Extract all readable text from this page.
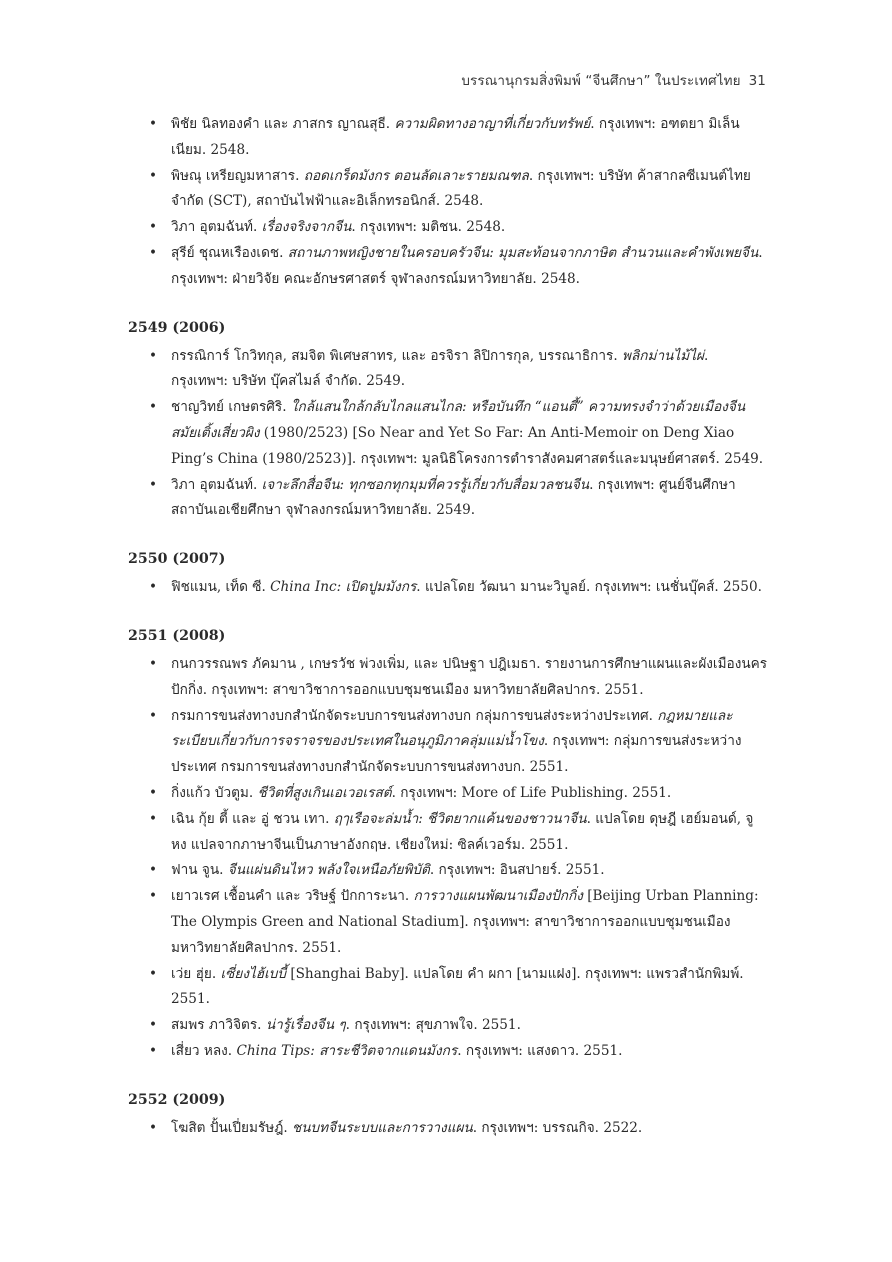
บรรณานุกรมสิ่งพิมพ์ “จีนศึกษา” ในประเทศไทย 31
• พิชัย นิลทองคำ และ ภาสกร ญาณสุธี. ความผิดทางอาญาที่เกี่ยวกับทรัพย์. กรุงเทพฯ: อฑตยา มิเล็นเนียม. 2548.
• พิษณุ เหรียญมหาสาร. ถอดเกร็ดมังกร ตอนลัดเลาะรายมณฑล. กรุงเทพฯ: บริษัท ค้าสากลซีเมนต์ไทย จำกัด (SCT), สถาบันไฟฟ้าและอิเล็กทรอนิกส์. 2548.
• วิภา อุตมฉันท์. เรื่องจริงจากจีน. กรุงเทพฯ: มติชน. 2548.
• สุรีย์ ชุณหเรืองเดช. สถานภาพหญิงชายในครอบครัวจีน: มุมสะท้อนจากภาษิต สำนวนและคำพังเพยจีน. กรุงเทพฯ: ฝ่ายวิจัย คณะอักษรศาสตร์ จุฬาลงกรณ์มหาวิทยาลัย. 2548.
2549 (2006)
• กรรณิการ์ โกวิทกุล, สมจิต พิเศษสาทร, และ อรจิรา ลิปิการกุล, บรรณาธิการ. พลิกม่านไม้ไผ่. กรุงเทพฯ: บริษัท บุ๊คสไมล์ จำกัด. 2549.
• ชาญวิทย์ เกษตรศิริ. ใกล้แสนใกล้กลับไกลแสนไกล: หรือบันทึก “แอนตี้” ความทรงจำว่าด้วยเมืองจีนสมัยเติ้งเสี่ยวผิง (1980/2523) [So Near and Yet So Far: An Anti-Memoir on Deng Xiao Ping’s China (1980/2523)]. กรุงเทพฯ: มูลนิธิโครงการตำราสังคมศาสตร์และมนุษย์ศาสตร์. 2549.
• วิภา อุตมฉันท์. เจาะลึกสื่อจีน: ทุกซอกทุกมุมที่ควรรู้เกี่ยวกับสื่อมวลชนจีน. กรุงเทพฯ: ศูนย์จีนศึกษา สถาบันเอเชียศึกษา จุฬาลงกรณ์มหาวิทยาลัย. 2549.
2550 (2007)
• ฟิชแมน, เท็ด ซี. China Inc: เปิดปูมมังกร. แปลโดย วัฒนา มานะวิบูลย์. กรุงเทพฯ: เนชั่นบุ๊คส์. 2550.
2551 (2008)
• กนกวรรณพร ภัคมาน , เกษรวัช พ่วงเพิ่ม, และ ปนิษฐา ปฎิเมธา. รายงานการศึกษาแผนและผังเมืองนครปักกิ่ง. กรุงเทพฯ: สาขาวิชาการออกแบบชุมชนเมือง มหาวิทยาลัยศิลปากร. 2551.
• กรมการขนส่งทางบกสำนักจัดระบบการขนส่งทางบก กลุ่มการขนส่งระหว่างประเทศ. กฎหมายและระเบียบเกี่ยวกับการจราจรของประเทศในอนุภูมิภาคลุ่มแม่น้ำโขง. กรุงเทพฯ: กลุ่มการขนส่งระหว่างประเทศ กรมการขนส่งทางบกสำนักจัดระบบการขนส่งทางบก. 2551.
• กิ่งแก้ว บัวตูม. ชีวิตที่สูงเกินเอเวอเรสต์. กรุงเทพฯ: More of Life Publishing. 2551.
• เฉิน กุ้ย ตี้ และ อู่ ชวน เทา. ฤๅเรือจะล่มน้ำ: ชีวิตยากแค้นของชาวนาจีน. แปลโดย ดุษฎี เฮย์มอนด์, จู หง แปลจากภาษาจีนเป็นภาษาอังกฤษ. เชียงใหม่: ซิลค์เวอร์ม. 2551.
• ฟาน จูน. จีนแผ่นดินไหว พลังใจเหนือภัยพิบัติ. กรุงเทพฯ: อินสปายร์. 2551.
• เยาวเรศ เชื้อนคำ และ วริษฐ์ ปักการะนา. การวางแผนพัฒนาเมืองปักกิ่ง [Beijing Urban Planning: The Olympis Green and National Stadium]. กรุงเทพฯ: สาขาวิชาการออกแบบชุมชนเมือง มหาวิทยาลัยศิลปากร. 2551.
• เว่ย ฮุ่ย. เซี่ยงไฮ้เบบี้ [Shanghai Baby]. แปลโดย คำ ผกา [นามแฝง]. กรุงเทพฯ: แพรวสำนักพิมพ์. 2551.
• สมพร ภาวิจิตร. น่ารู้เรื่องจีน ๆ. กรุงเทพฯ: สุขภาพใจ. 2551.
• เสี่ยว หลง. China Tips: สาระชีวิตจากแดนมังกร. กรุงเทพฯ: แสงดาว. 2551.
2552 (2009)
• โฆสิต ปั้นเปี่ยมรัษฎ์. ชนบทจีนระบบและการวางแผน. กรุงเทพฯ: บรรณกิจ. 2522.
